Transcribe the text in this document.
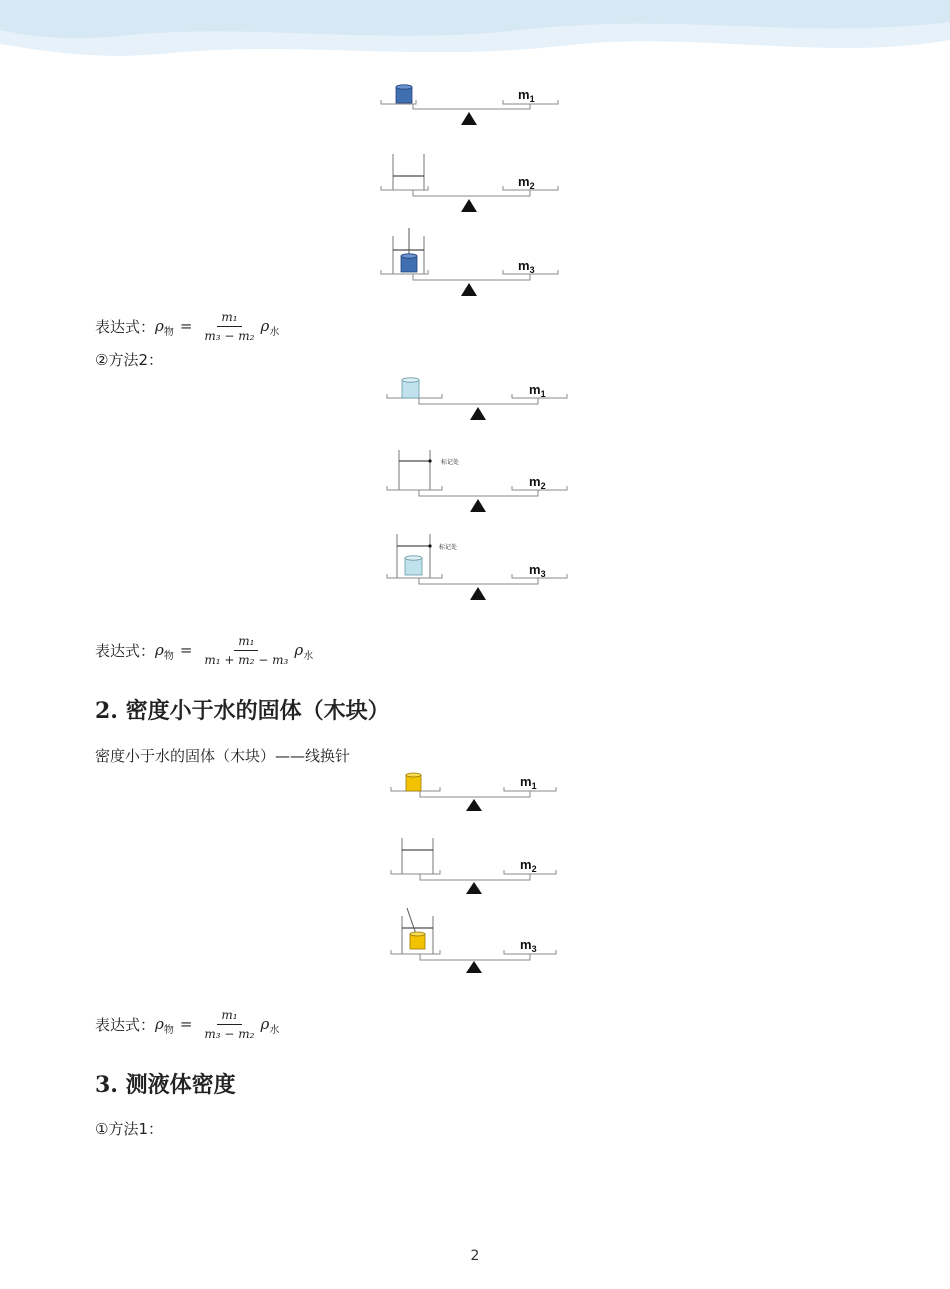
$m_1$
$m_2$
$m_3$
表达式： ρ 物 = $\frac{\text{m₁}}{\text{m₃ − m₂}}$ ρ 水
②方法2：
$m_1$
标记处
$m_2$
标记处
$m_3$
表达式： ρ 物 = $\frac{\text{m₁}}{\text{m₁ + m₂ − m₃}}$ ρ 水
2. 密度小于水的固体（木块）
密度小于水的固体（木块）——线换针
$m_1$
$m_2$
$m_3$
表达式： ρ 物 = $\frac{\text{m₁}}{\text{m₃ − m₂}}$ ρ 水
3. 测液体密度
①方法1：
2
